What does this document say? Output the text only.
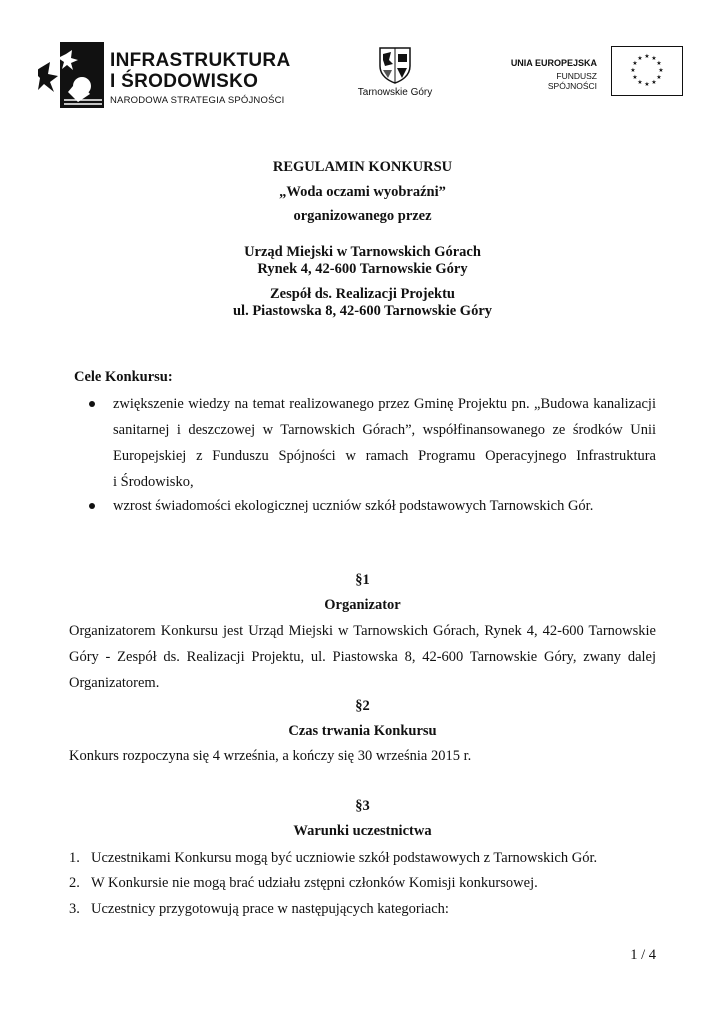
INFRASTRUKTURA
I ŚRODOWISKO
NARODOWA STRATEGIA SPÓJNOŚCI
Tarnowskie Góry
UNIA EUROPEJSKA
FUNDUSZ SPÓJNOŚCI
★ ★
★
★
★
★
★
★
★
★
★
★
REGULAMIN KONKURSU
„Woda oczami wyobraźni”
organizowanego przez
Urząd Miejski w Tarnowskich Górach
Rynek 4, 42-600 Tarnowskie Góry
Zespół ds. Realizacji Projektu
ul. Piastowska 8, 42-600 Tarnowskie Góry
Cele Konkursu:
zwiększenie wiedzy na temat realizowanego przez Gminę Projektu pn. „Budowa kanalizacji
sanitarnej i deszczowej w Tarnowskich Górach”, współfinansowanego ze środków Unii
Europejskiej z Funduszu Spójności w ramach Programu Operacyjnego Infrastruktura
i Środowisko,
wzrost świadomości ekologicznej uczniów szkół podstawowych Tarnowskich Gór.
§1
Organizator
Organizatorem Konkursu jest Urząd Miejski w Tarnowskich Górach, Rynek 4, 42-600 Tarnowskie
Góry - Zespół ds. Realizacji Projektu, ul. Piastowska 8, 42-600 Tarnowskie Góry, zwany dalej
Organizatorem.
§2
Czas trwania Konkursu
Konkurs rozpoczyna się 4 września, a kończy się 30 września 2015 r.
§3
Warunki uczestnictwa
1. Uczestnikami Konkursu mogą być uczniowie szkół podstawowych z Tarnowskich Gór.
2. W Konkursie nie mogą brać udziału zstępni członków Komisji konkursowej.
3. Uczestnicy przygotowują prace w następujących kategoriach:
1 / 4
